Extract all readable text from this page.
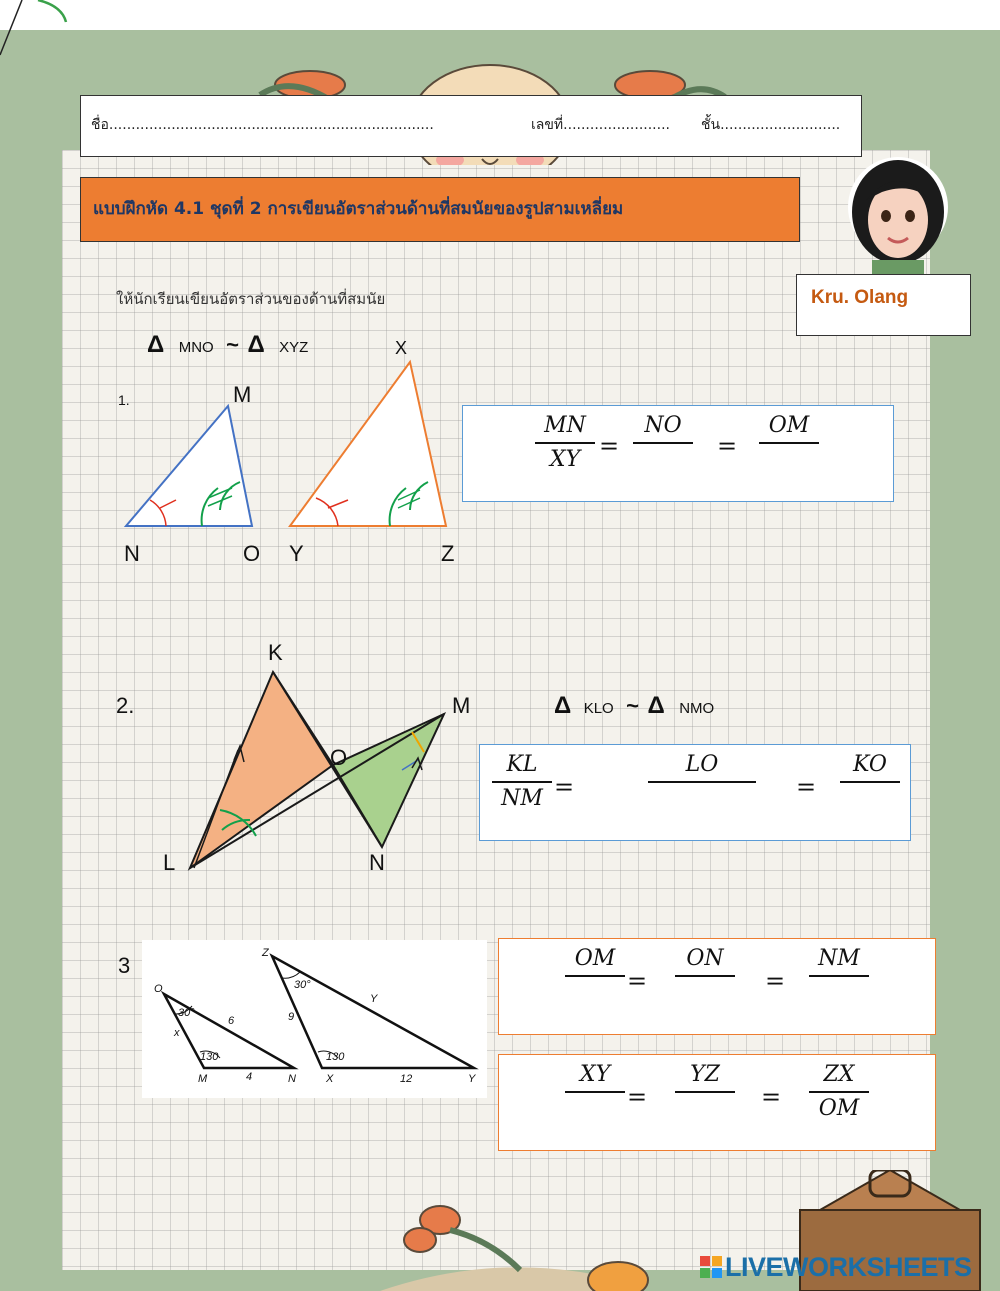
ชื่อ.........................................................................	เลขที่........................ ชั้น...........................
แบบฝึกหัด 4.1 ชุดที่ 2 การเขียนอัตราส่วนด้านที่สมนัยของรูปสามเหลี่ยม
Kru. Olang
ให้นักเรียนเขียนอัตราส่วนของด้านที่สมนัย
Δ MNO ~ Δ XYZ
1.	M
X
N	O Y	Z
MN
XY =
NO
=
OM
2.
K
O
M
L	N
Δ KLO ~ Δ NMO
KL
NM =
LO
=
KO
3
O
M	N
Z
X	Y
30°
130
30°
130
6
x
4
9
Y
12
OM
=
ON
=
NM
XY
=
YZ
=
ZX
OM
LIVEWORKSHEETS
